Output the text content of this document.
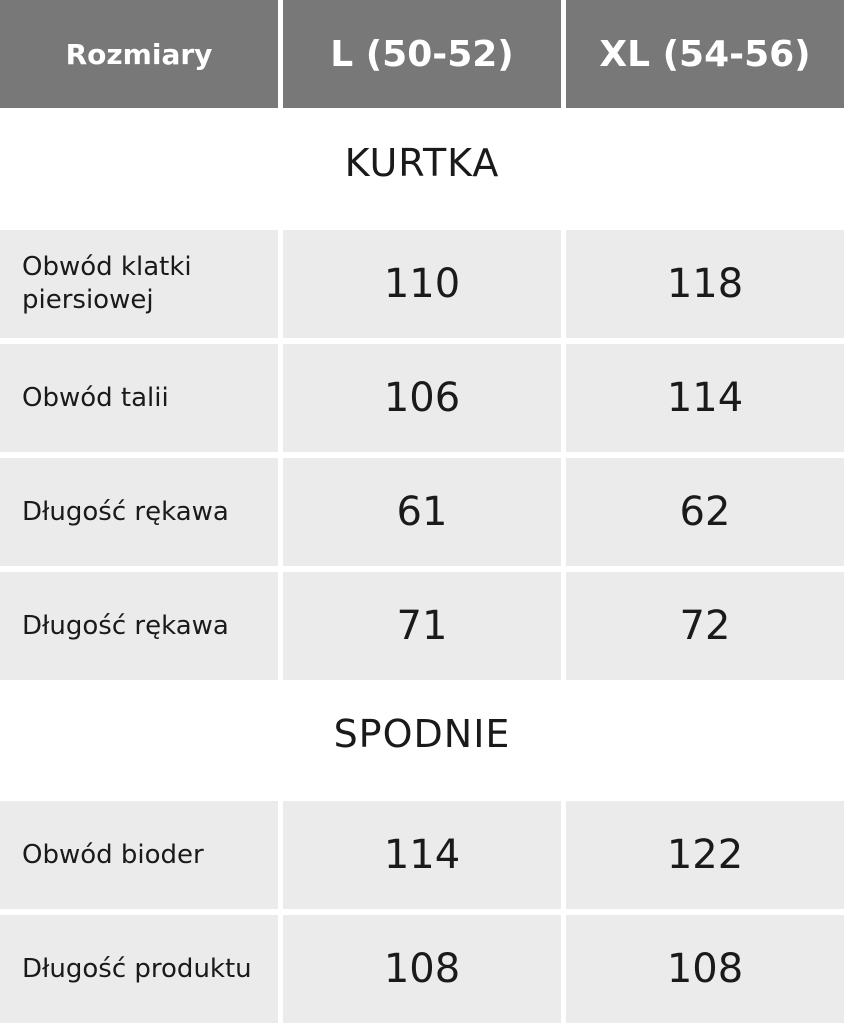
Rozmiary	L (50-52)	XL (54-56)
KURTKA
Obwód klatki piersiowej	110	118
Obwód talii	106	114
Długość rękawa	61	62
Długość rękawa	71	72
SPODNIE
Obwód bioder	114	122
Długość produktu	108	108
